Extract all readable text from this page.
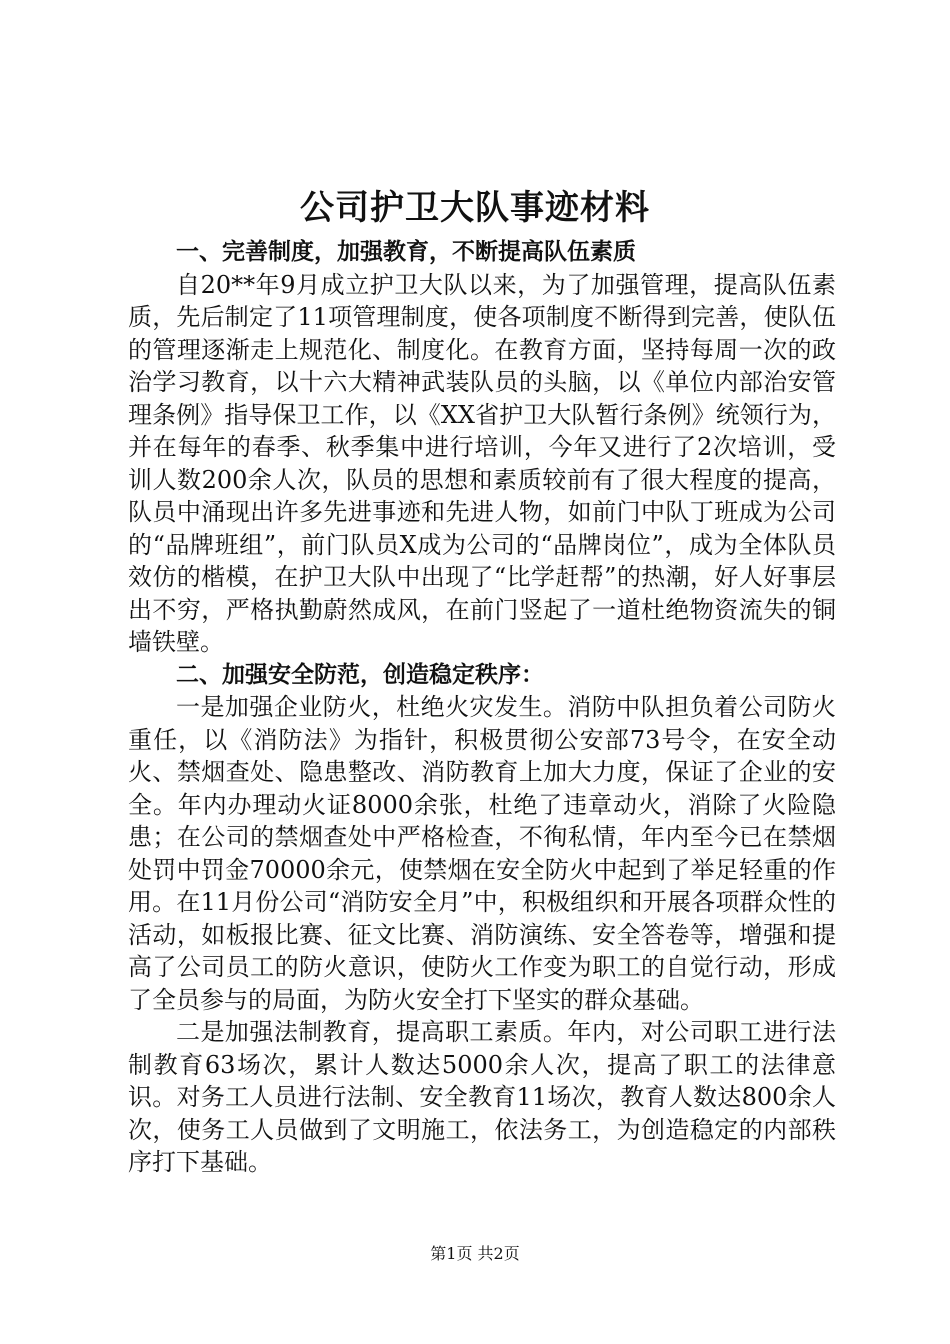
公司护卫大队事迹材料

一、完善制度，加强教育，不断提高队伍素质

自20**年9月成立护卫大队以来，为了加强管理，提高队伍素质，先后制定了11项管理制度，使各项制度不断得到完善，使队伍的管理逐渐走上规范化、制度化。在教育方面，坚持每周一次的政治学习教育，以十六大精神武装队员的头脑，以《单位内部治安管理条例》指导保卫工作，以《XX省护卫大队暂行条例》统领行为，并在每年的春季、秋季集中进行培训，今年又进行了2次培训，受训人数200余人次，队员的思想和素质较前有了很大程度的提高，队员中涌现出许多先进事迹和先进人物，如前门中队丁班成为公司的“品牌班组”，前门队员X成为公司的“品牌岗位”，成为全体队员效仿的楷模，在护卫大队中出现了“比学赶帮”的热潮，好人好事层出不穷，严格执勤蔚然成风，在前门竖起了一道杜绝物资流失的铜墙铁壁。

二、加强安全防范，创造稳定秩序：

一是加强企业防火，杜绝火灾发生。消防中队担负着公司防火重任，以《消防法》为指针，积极贯彻公安部73号令，在安全动火、禁烟查处、隐患整改、消防教育上加大力度，保证了企业的安全。年内办理动火证8000余张，杜绝了违章动火，消除了火险隐患；在公司的禁烟查处中严格检查，不徇私情，年内至今已在禁烟处罚中罚金70000余元，使禁烟在安全防火中起到了举足轻重的作用。在11月份公司“消防安全月”中，积极组织和开展各项群众性的活动，如板报比赛、征文比赛、消防演练、安全答卷等，增强和提高了公司员工的防火意识，使防火工作变为职工的自觉行动，形成了全员参与的局面，为防火安全打下坚实的群众基础。

二是加强法制教育，提高职工素质。年内，对公司职工进行法制教育63场次，累计人数达5000余人次，提高了职工的法律意识。对务工人员进行法制、安全教育11场次，教育人数达800余人次，使务工人员做到了文明施工，依法务工，为创造稳定的内部秩序打下基础。

第1页 共2页
